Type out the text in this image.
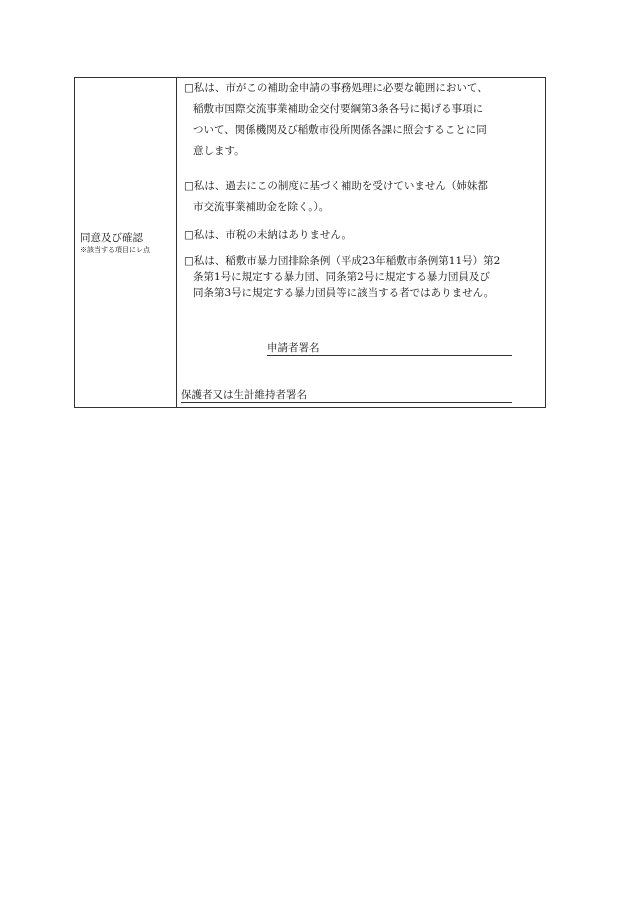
同意及び確認
※該当する項目にレ点
□私は、市がこの補助金申請の事務処理に必要な範囲において、
稲敷市国際交流事業補助金交付要綱第3条各号に掲げる事項に
ついて、関係機関及び稲敷市役所関係各課に照会することに同
意します。
□私は、過去にこの制度に基づく補助を受けていません（姉妹都
市交流事業補助金を除く。）。
□私は、市税の未納はありません。
□私は、稲敷市暴力団排除条例（平成23年稲敷市条例第11号）第2
条第1号に規定する暴力団、同条第2号に規定する暴力団員及び
同条第3号に規定する暴力団員等に該当する者ではありません。
申請者署名
保護者又は生計維持者署名
